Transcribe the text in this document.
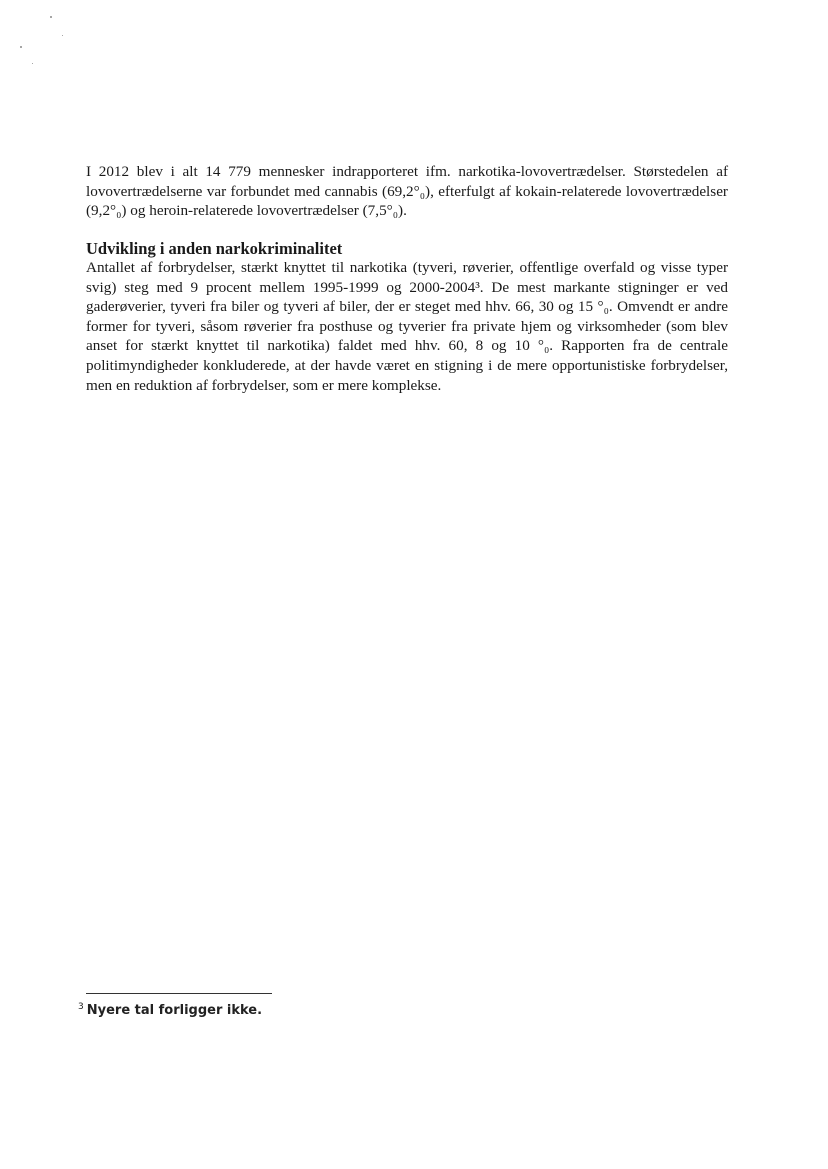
I 2012 blev i alt 14 779 mennesker indrapporteret ifm. narkotika-lovovertrædelser. Størstedelen af lovovertrædelserne var forbundet med cannabis (69,2°₀), efterfulgt af kokain-relaterede lovovertrædelser (9,2°₀) og heroin-relaterede lovovertrædelser (7,5°₀).

Udvikling i anden narkokriminalitet

Antallet af forbrydelser, stærkt knyttet til narkotika (tyveri, røverier, offentlige overfald og visse typer svig) steg med 9 procent mellem 1995-1999 og 2000-2004³. De mest markante stigninger er ved gaderøverier, tyveri fra biler og tyveri af biler, der er steget med hhv. 66, 30 og 15 °₀. Omvendt er andre former for tyveri, såsom røverier fra posthuse og tyverier fra private hjem og virksomheder (som blev anset for stærkt knyttet til narkotika) faldet med hhv. 60, 8 og 10 °₀. Rapporten fra de centrale politimyndigheder konkluderede, at der havde været en stigning i de mere opportunistiske forbrydelser, men en reduktion af forbrydelser, som er mere komplekse.

$^3$ Nyere tal forligger ikke.
